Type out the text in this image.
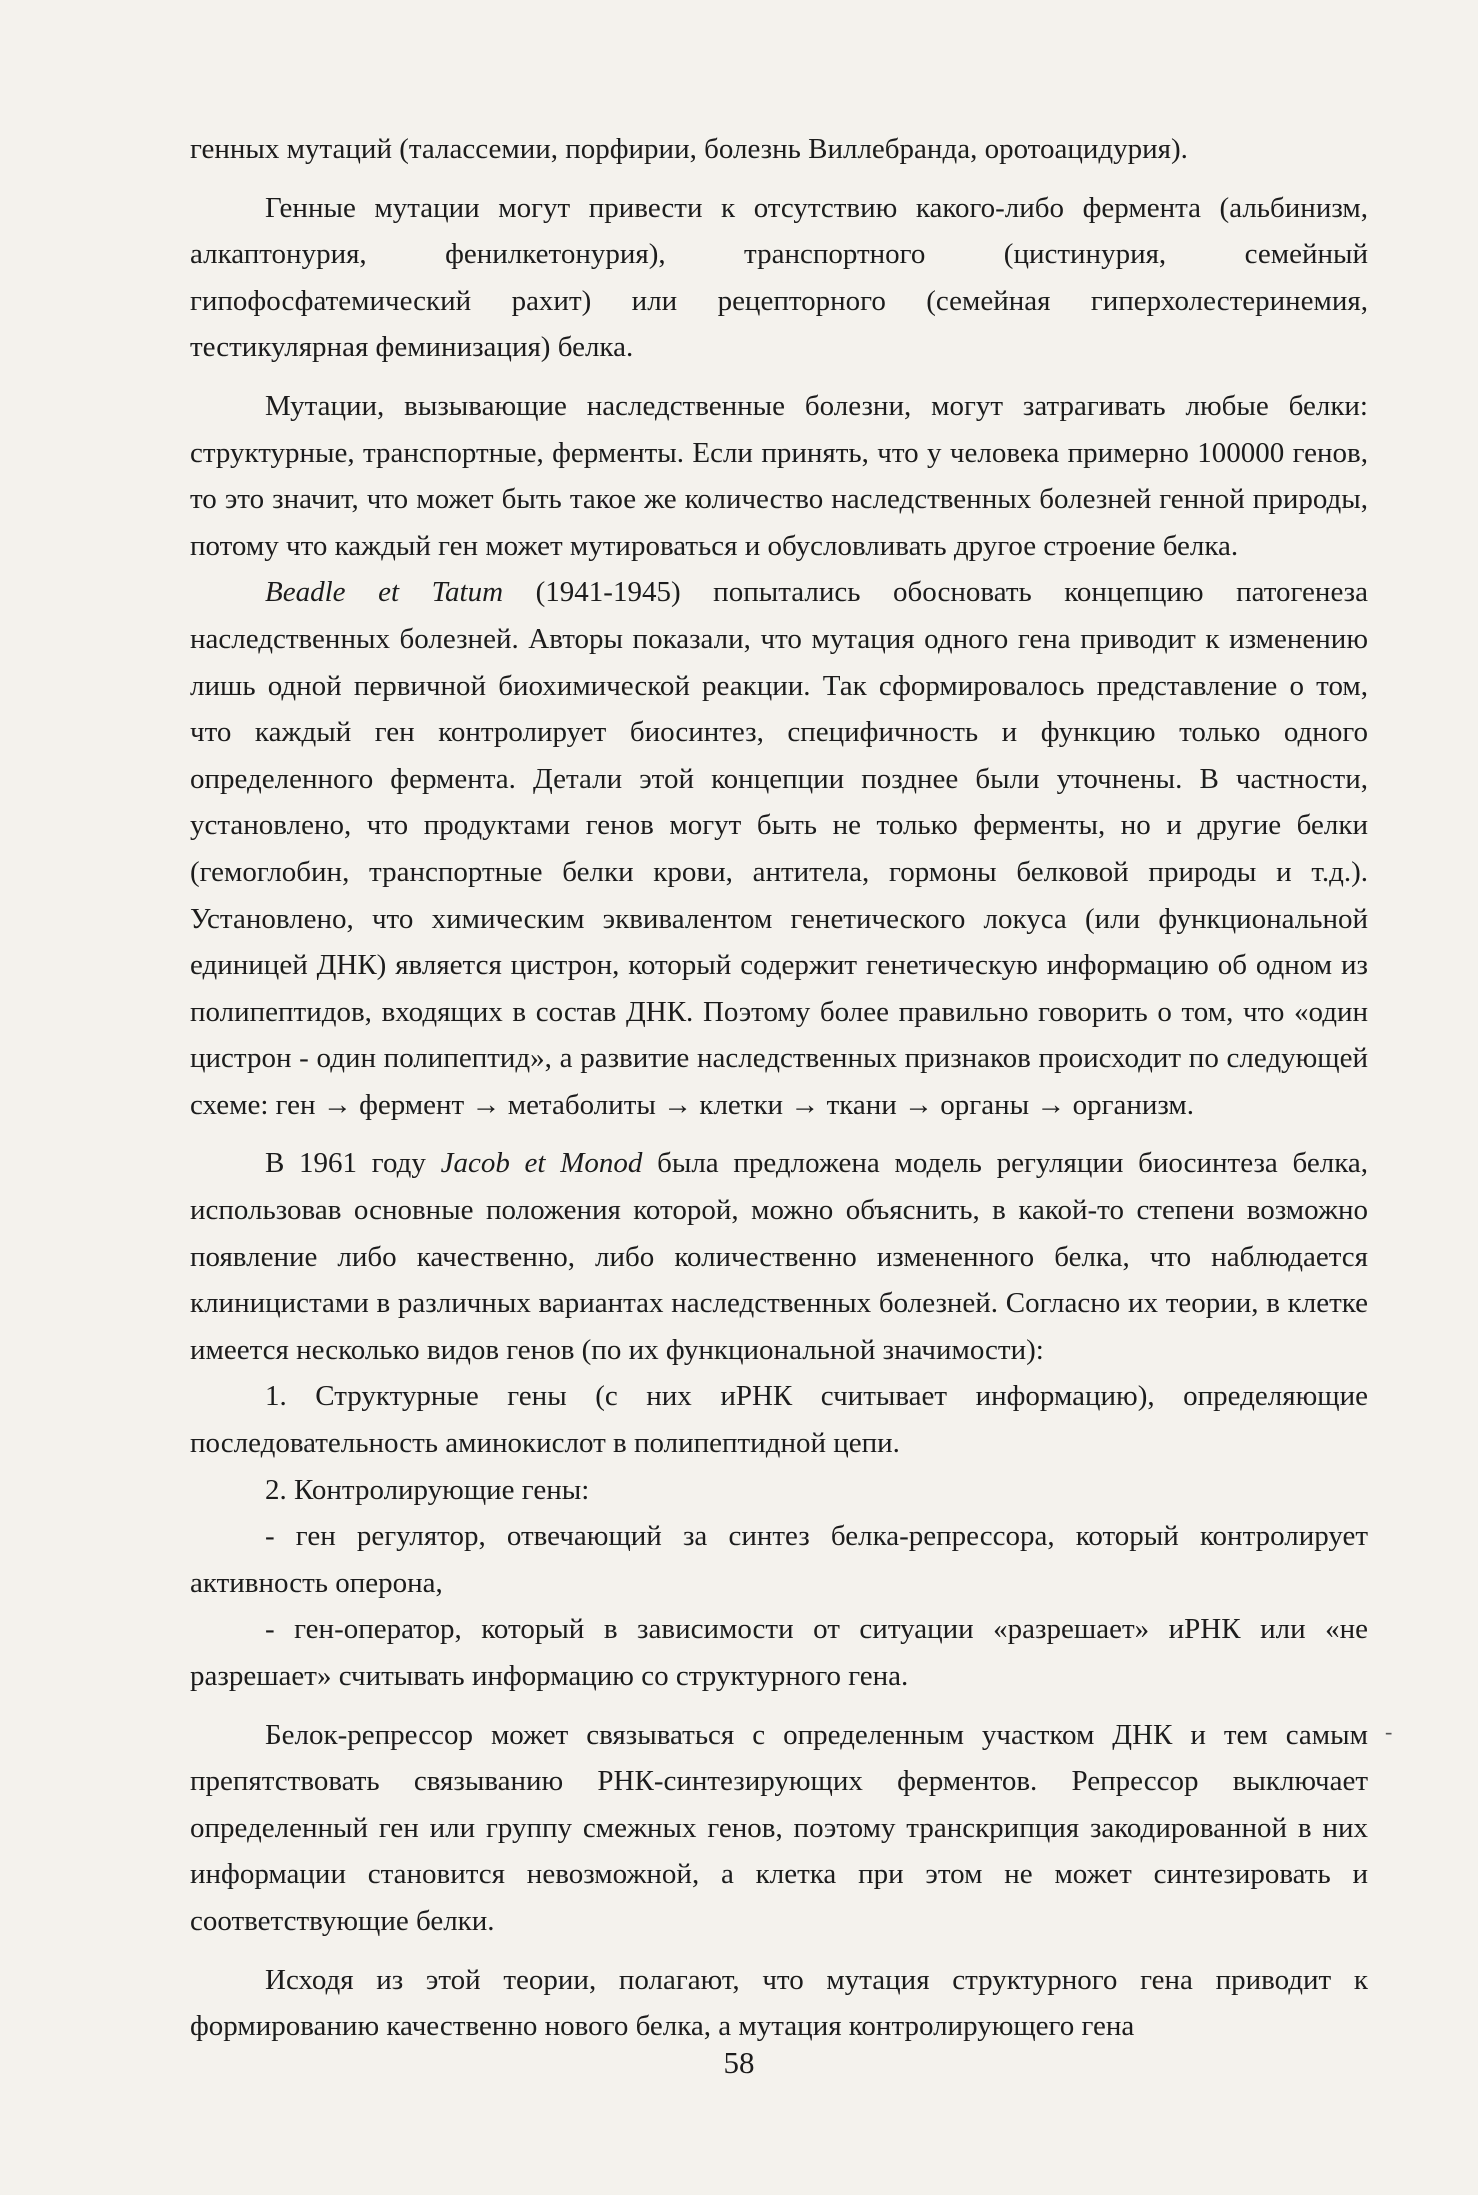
генных мутаций (талассемии, порфирии, болезнь Виллебранда, оротоацидурия).

Генные мутации могут привести к отсутствию какого-либо фермента (альбинизм, алкаптонурия, фенилкетонурия), транспортного (цистинурия, семейный гипофосфатемический рахит) или рецепторного (семейная гиперхолестеринемия, тестикулярная феминизация) белка.

Мутации, вызывающие наследственные болезни, могут затрагивать любые белки: структурные, транспортные, ферменты. Если принять, что у человека примерно 100000 генов, то это значит, что может быть такое же количество наследственных болезней генной природы, потому что каждый ген может мутироваться и обусловливать другое строение белка.

Beadle et Tatum (1941-1945) попытались обосновать концепцию патогенеза наследственных болезней. Авторы показали, что мутация одного гена приводит к изменению лишь одной первичной биохимической реакции. Так сформировалось представление о том, что каждый ген контролирует биосинтез, специфичность и функцию только одного определенного фермента. Детали этой концепции позднее были уточнены. В частности, установлено, что продуктами генов могут быть не только ферменты, но и другие белки (гемоглобин, транспортные белки крови, антитела, гормоны белковой природы и т.д.). Установлено, что химическим эквивалентом генетического локуса (или функциональной единицей ДНК) является цистрон, который содержит генетическую информацию об одном из полипептидов, входящих в состав ДНК. Поэтому более правильно говорить о том, что «один цистрон - один полипептид», а развитие наследственных признаков происходит по следующей схеме: ген → фермент → метаболиты → клетки → ткани → органы → организм.

В 1961 году Jacob et Monod была предложена модель регуляции биосинтеза белка, использовав основные положения которой, можно объяснить, в какой-то степени возможно появление либо качественно, либо количественно измененного белка, что наблюдается клиницистами в различных вариантах наследственных болезней. Согласно их теории, в клетке имеется несколько видов генов (по их функциональной значимости):

1. Структурные гены (с них иРНК считывает информацию), определяющие последовательность аминокислот в полипептидной цепи.

2. Контролирующие гены:

- ген регулятор, отвечающий за синтез белка-репрессора, который контролирует активность оперона,

- ген-оператор, который в зависимости от ситуации «разрешает» иРНК или «не разрешает» считывать информацию со структурного гена.

Белок-репрессор может связываться с определенным участком ДНК и тем самым препятствовать связыванию РНК-синтезирующих ферментов. Репрессор выключает определенный ген или группу смежных генов, поэтому транскрипция закодированной в них информации становится невозможной, а клетка при этом не может синтезировать и соответствующие белки.

Исходя из этой теории, полагают, что мутация структурного гена приводит к формированию качественно нового белка, а мутация контролирующего гена

-
58
